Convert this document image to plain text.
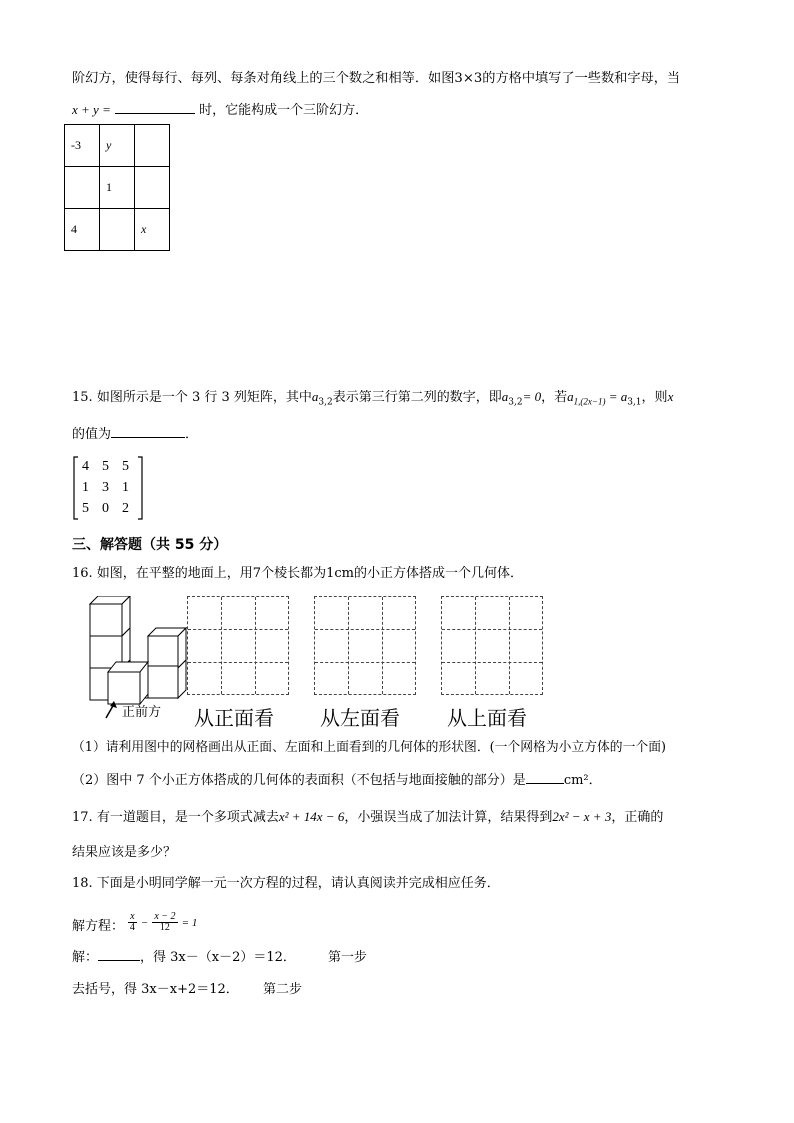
阶幻方，使得每行、每列、每条对角线上的三个数之和相等．如图3×3的方格中填写了一些数和字母，当
x + y =	时，它能构成一个三阶幻方．
-3	y	
	1	
4		x
15. 如图所示是一个 3 行 3 列矩阵，其中$a_{3,2}$表示第三行第二列的数字，即$a_{3,2}= 0$，若$a_{1,(2x-1)} = a_{3,1}$，则x
的值为	．
4 5 5
1 3 1
5 0 2
三、解答题（共 55 分）
16. 如图，在平整的地面上，用7个棱长都为1cm的小正方体搭成一个几何体．
正前方 从正面看 从左面看 从上面看
（1）请利用图中的网格画出从正面、左面和上面看到的几何体的形状图．(一个网格为小立方体的一个面)
（2）图中 7 个小正方体搭成的几何体的表面积（不包括与地面接触的部分）是	cm²．
17. 有一道题目，是一个多项式减去x² + 14x − 6，小强误当成了加法计算，结果得到2x² − x + 3，正确的
结果应该是多少？
18. 下面是小明同学解一元一次方程的过程，请认真阅读并完成相应任务．
解方程： $\frac{x}{4} - \frac{x - 2}{12} = 1$
解：	，得 3x－（x－2）＝12． 第一步
去括号，得 3x－x+2＝12． 第二步
